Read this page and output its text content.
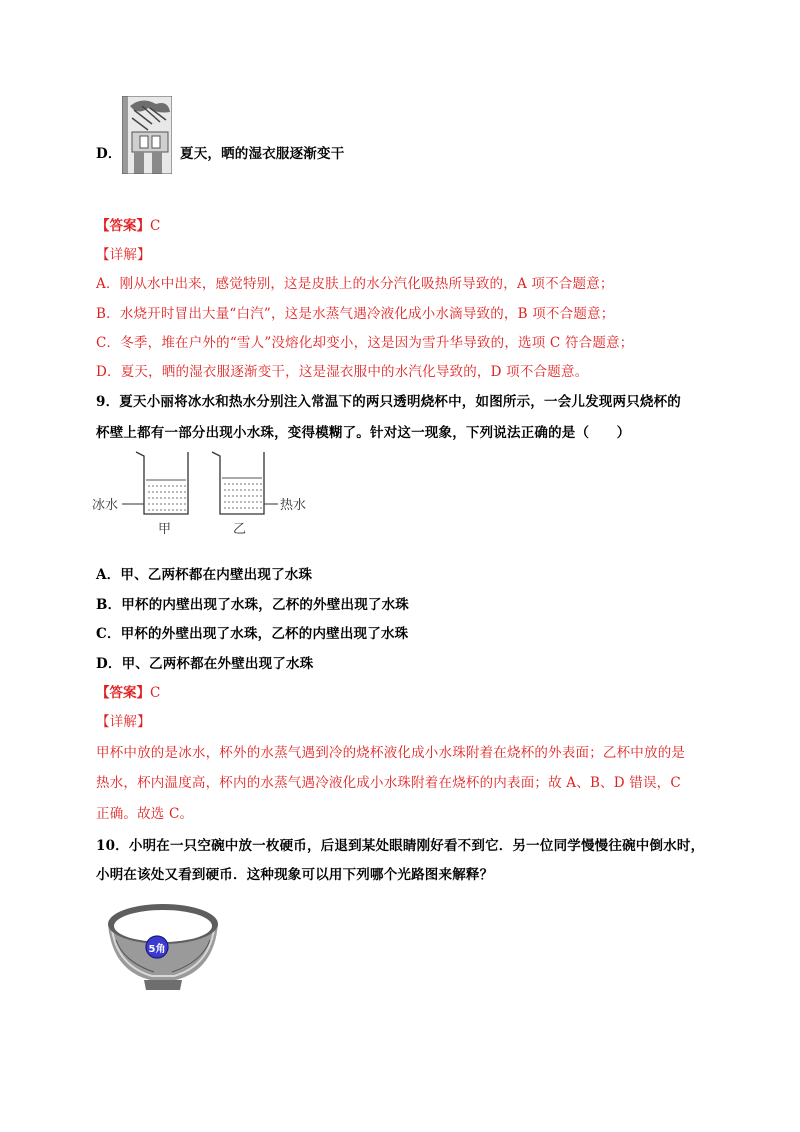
D．	夏天，晒的湿衣服逐渐变干
【答案】C
【详解】
A．刚从水中出来，感觉特别，这是皮肤上的水分汽化吸热所导致的，A 项不合题意；
B．水烧开时冒出大量“白汽”，这是水蒸气遇冷液化成小水滴导致的，B 项不合题意；
C．冬季，堆在户外的“雪人”没熔化却变小，这是因为雪升华导致的，选项 C 符合题意；
D．夏天，晒的湿衣服逐渐变干，这是湿衣服中的水汽化导致的，D 项不合题意。
9．夏天小丽将冰水和热水分别注入常温下的两只透明烧杯中，如图所示，一会儿发现两只烧杯的
杯壁上都有一部分出现小水珠，变得模糊了。针对这一现象，下列说法正确的是（　　）
冰水	热水
甲	乙
A．甲、乙两杯都在内壁出现了水珠
B．甲杯的内壁出现了水珠，乙杯的外壁出现了水珠
C．甲杯的外壁出现了水珠，乙杯的内壁出现了水珠
D．甲、乙两杯都在外壁出现了水珠
【答案】C
【详解】
甲杯中放的是冰水，杯外的水蒸气遇到冷的烧杯液化成小水珠附着在烧杯的外表面；乙杯中放的是
热水，杯内温度高，杯内的水蒸气遇冷液化成小水珠附着在烧杯的内表面；故 A、B、D 错误，C
正确。故选 C。
10．小明在一只空碗中放一枚硬币，后退到某处眼睛刚好看不到它．另一位同学慢慢往碗中倒水时，
小明在该处又看到硬币．这种现象可以用下列哪个光路图来解释？
5角
